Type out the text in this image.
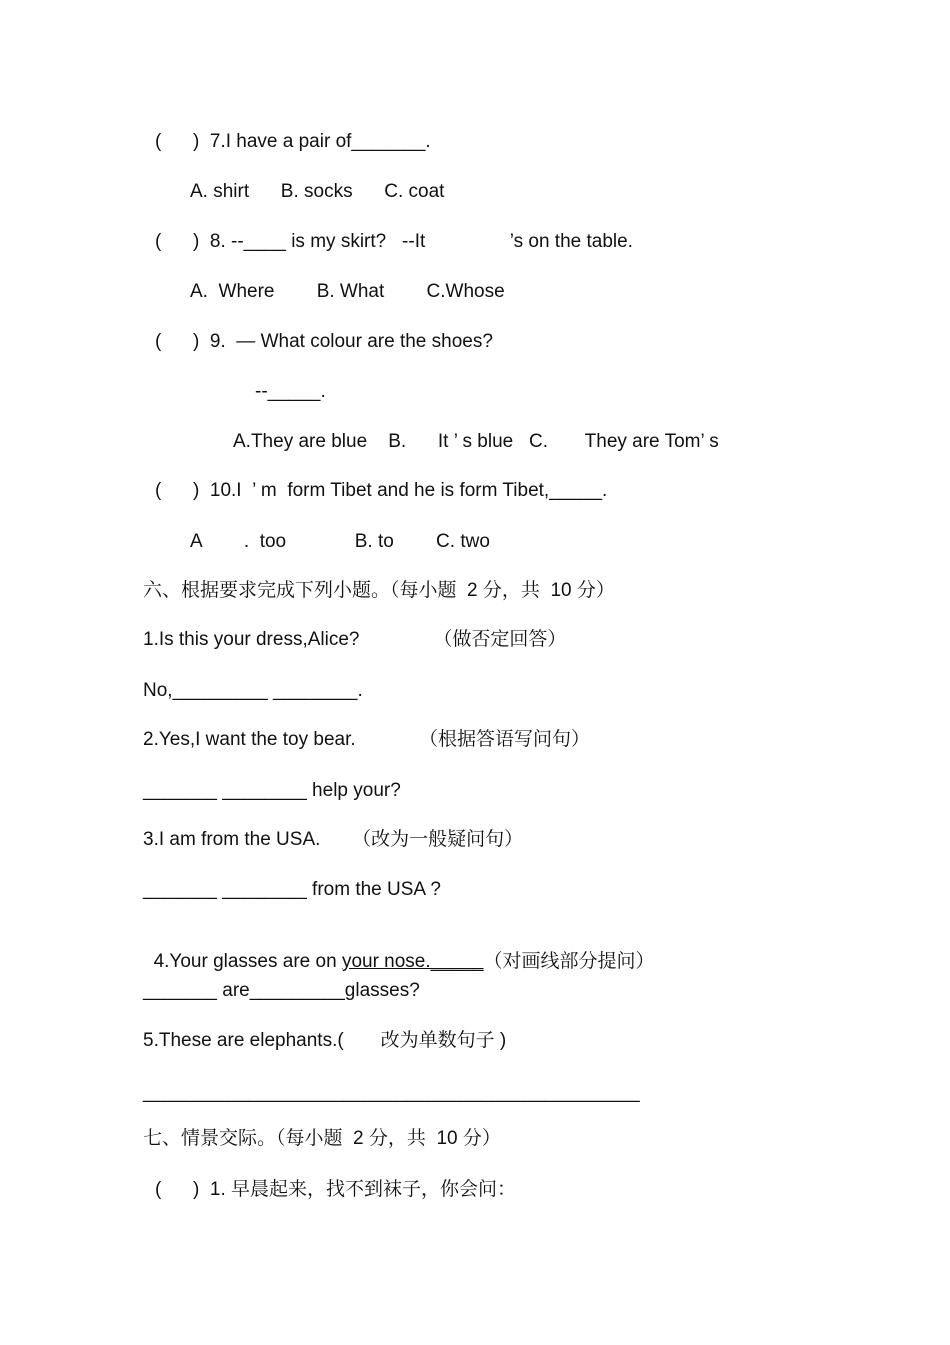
(      )  7.I have a pair of_______.
A. shirt      B. socks      C. coat
(      )  8. --____ is my skirt?   --It                ’s on the table.
A.  Where        B. What        C.Whose
(      )  9.  — What colour are the shoes?
--_____.
A.They are blue    B.      It ’ s blue   C.       They are Tom’ s
(      )  10.I  ’ m  form Tibet and he is form Tibet,_____.
A        .  too             B. to        C. two
六、根据要求完成下列小题。（每小题  2 分，共  10 分）
1.Is this your dress,Alice?              （做否定回答）
No,_________ ________.
2.Yes,I want the toy bear.            （根据答语写问句）
_______ ________ help your?
3.I am from the USA.      （改为一般疑问句）
_______ ________ from the USA ?

4.Your glasses are on your nose._____（对画线部分提问）

_______ are_________glasses?
5.These are elephants.(       改为单数句子 )
_______________________________________________
七、情景交际。（每小题  2 分，共  10 分）
(      )  1. 早晨起来，找不到袜子，你会问：
